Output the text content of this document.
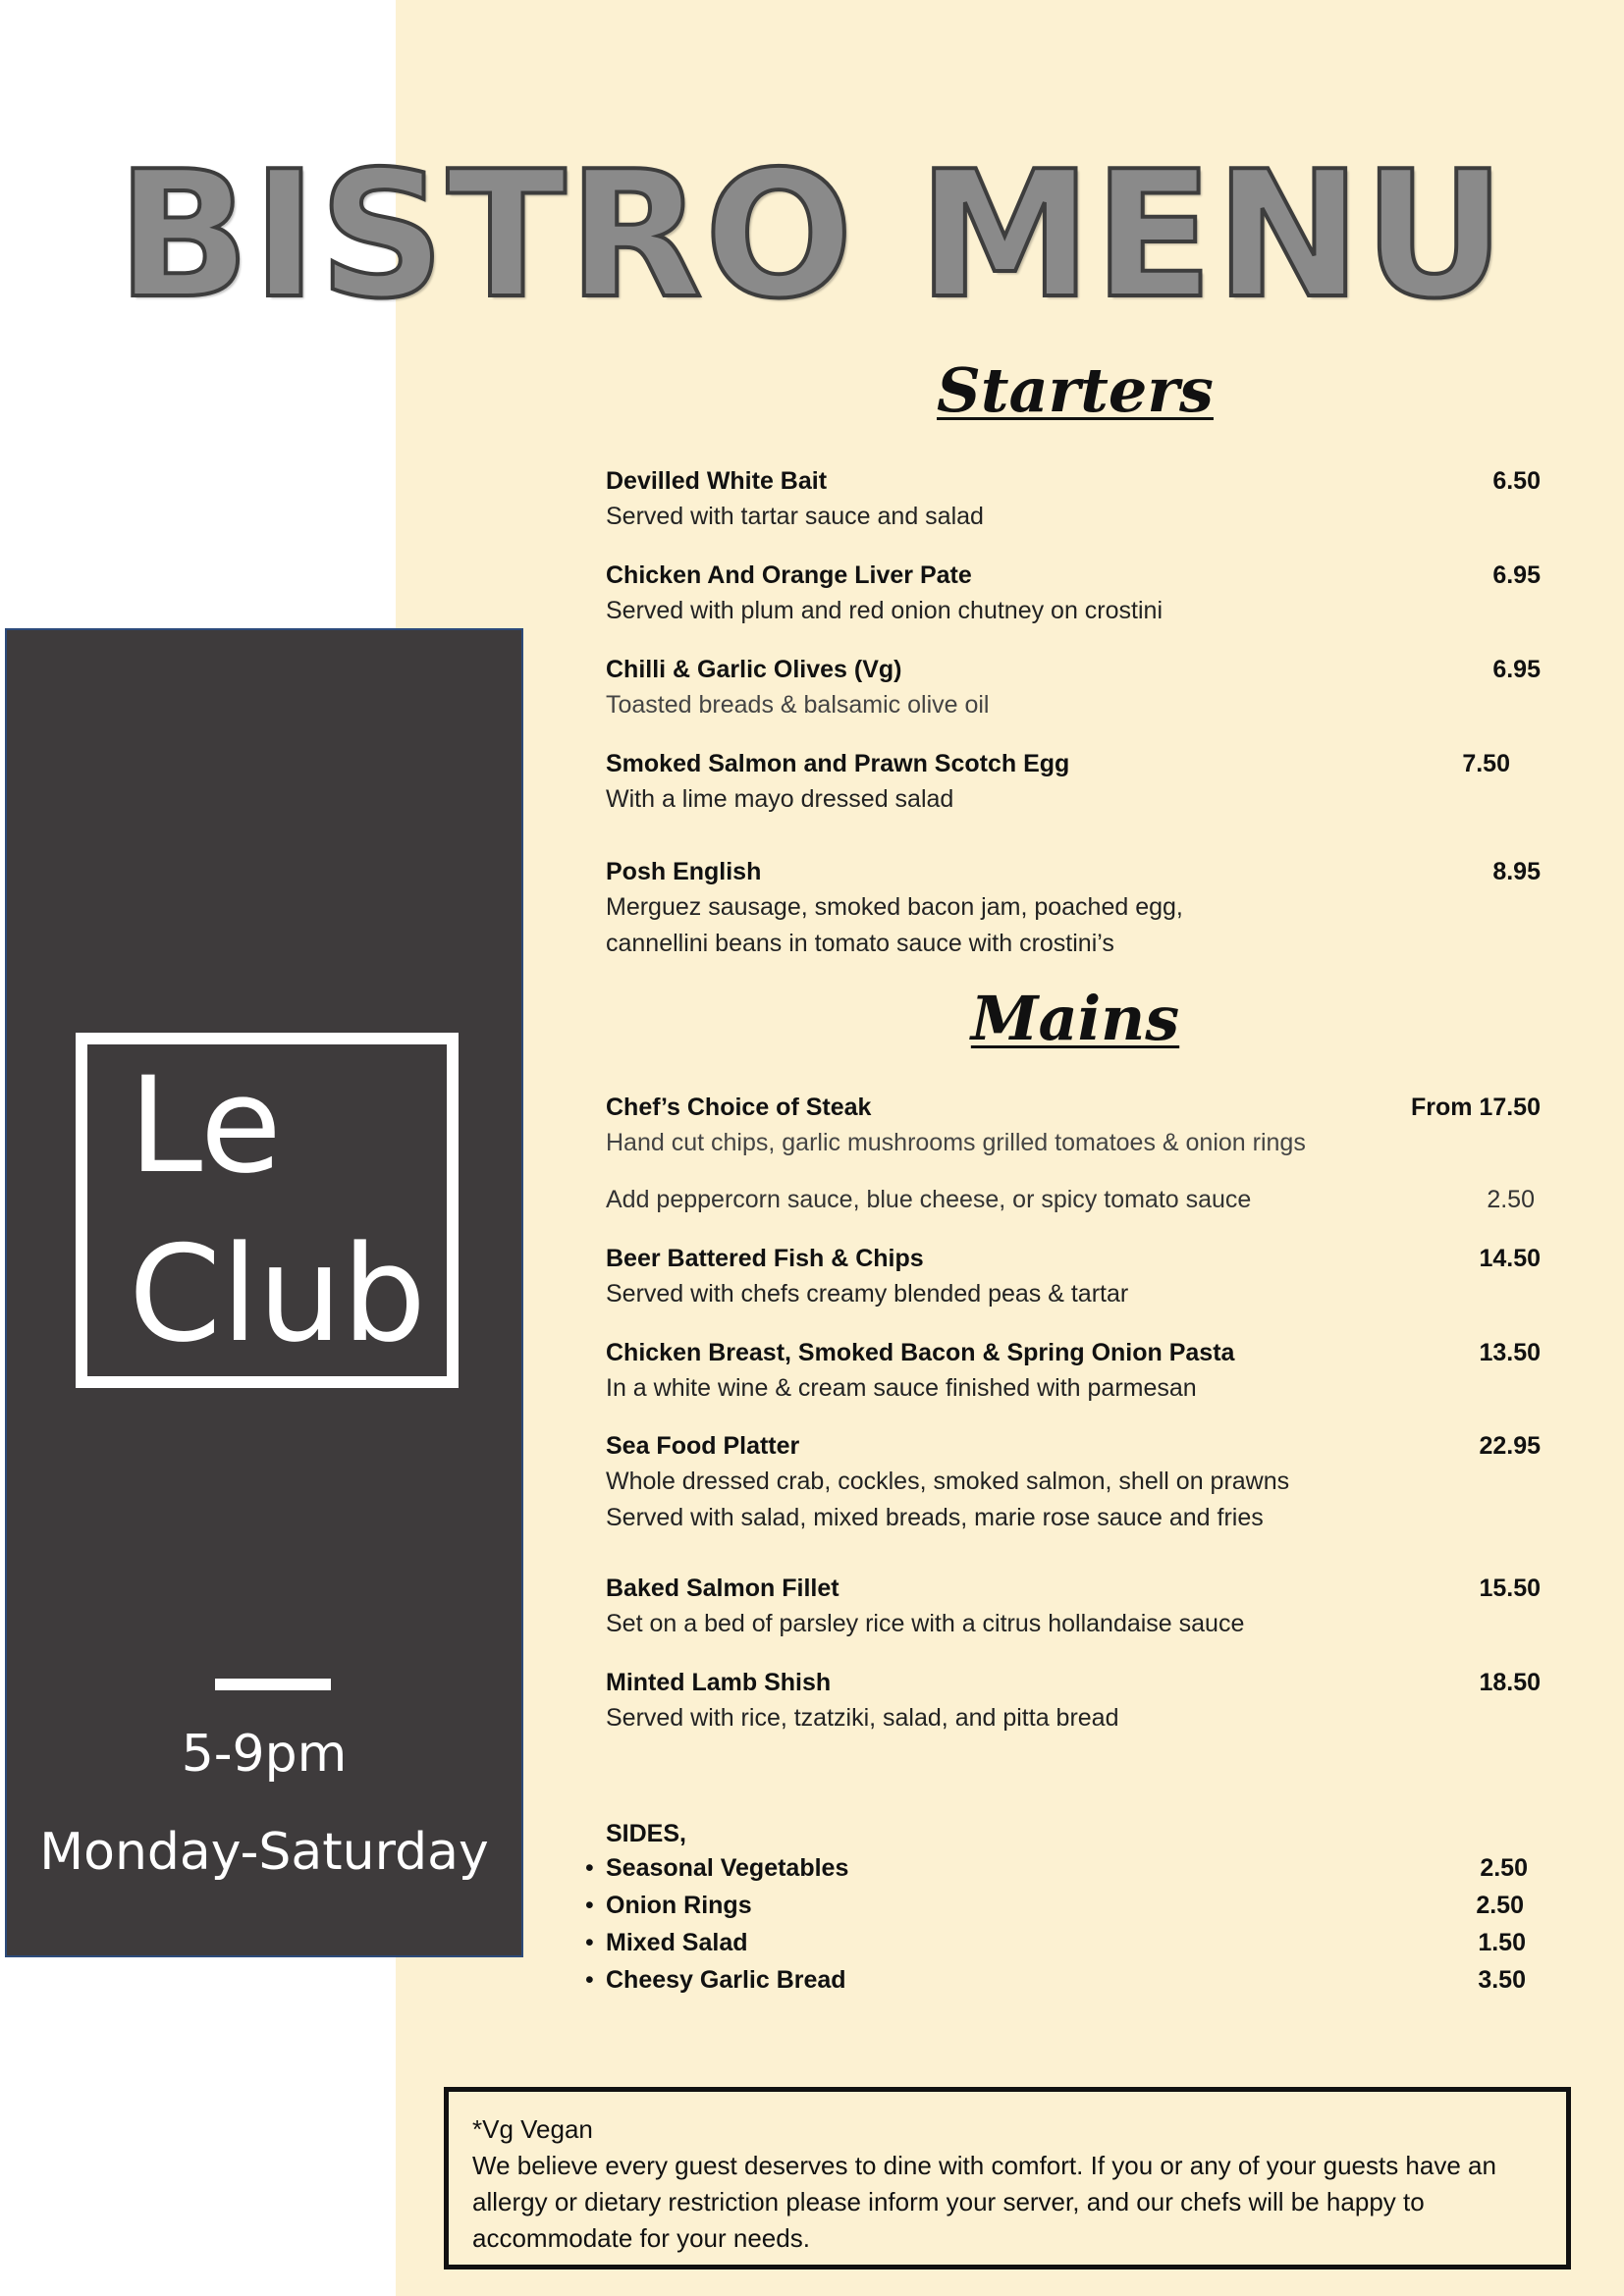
BISTRO MENU
Le
Club
5-9pm
Monday-Saturday
Starters
Devilled White Bait	6.50
Served with tartar sauce and salad
Chicken And Orange Liver Pate	6.95
Served with plum and red onion chutney on crostini
Chilli & Garlic Olives (Vg)	6.95
Toasted breads & balsamic olive oil
Smoked Salmon and Prawn Scotch Egg	7.50
With a lime mayo dressed salad
Posh English	8.95
Merguez sausage, smoked bacon jam, poached egg,
cannellini beans in tomato sauce with crostini’s
Mains
Chef’s Choice of Steak	From 17.50
Hand cut chips, garlic mushrooms grilled tomatoes & onion rings
Add peppercorn sauce, blue cheese, or spicy tomato sauce	2.50
Beer Battered Fish & Chips	14.50
Served with chefs creamy blended peas & tartar
Chicken Breast, Smoked Bacon & Spring Onion Pasta	13.50
In a white wine & cream sauce finished with parmesan
Sea Food Platter	22.95
Whole dressed crab, cockles, smoked salmon, shell on prawns
Served with salad, mixed breads, marie rose sauce and fries
Baked Salmon Fillet	15.50
Set on a bed of parsley rice with a citrus hollandaise sauce
Minted Lamb Shish	18.50
Served with rice, tzatziki, salad, and pitta bread
SIDES,
• Seasonal Vegetables	2.50
• Onion Rings	2.50
• Mixed Salad	1.50
• Cheesy Garlic Bread	3.50

*Vg Vegan

We believe every guest deserves to dine with comfort. If you or any of your guests have an allergy or dietary restriction please inform your server, and our chefs will be happy to accommodate for your needs.
